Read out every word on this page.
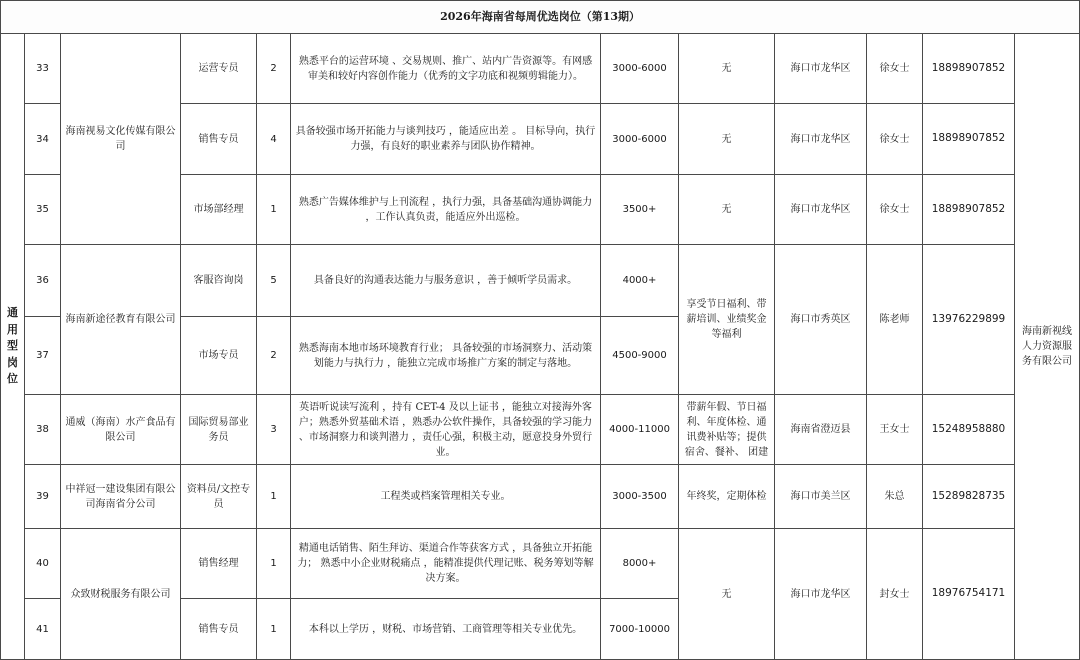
2026年海南省每周优选岗位（第13期）											
通
用
型
岗
位	33	海南视易文化传媒有限公司	运营专员	2	熟悉平台的运营环境 、交易规则、推广、站内广告资源等。有网感审美和较好内容创作能力（优秀的文字功底和视频剪辑能力）。	3000-6000	无	海口市龙华区	徐女士	18898907852	海南新视线人力资源服务有限公司
	34		销售专员	4	具备较强市场开拓能力与谈判技巧 ，能适应出差 。 目标导向，执行力强，有良好的职业素养与团队协作精神。	3000-6000	无	海口市龙华区	徐女士	18898907852	
	35		市场部经理	1	熟悉广告媒体维护与上刊流程 ，执行力强，具备基础沟通协调能力 ，工作认真负责，能适应外出巡检。	3500+	无	海口市龙华区	徐女士	18898907852	
	36	海南新途径教育有限公司	客服咨询岗	5	具备良好的沟通表达能力与服务意识 ，善于倾听学员需求。	4000+	享受节日福利、带薪培训、业绩奖金等福利	海口市秀英区	陈老师	13976229899	
	37		市场专员	2	熟悉海南本地市场环境教育行业； 具备较强的市场洞察力、活动策划能力与执行力 ，能独立完成市场推广方案的制定与落地。	4500-9000					
	38	通威（海南）水产食品有限公司	国际贸易部业务员	3	英语听说读写流利 ，持有 CET-4 及以上证书 ，能独立对接海外客户；熟悉外贸基础术语 ，熟悉办公软件操作，具备较强的学习能力 、市场洞察力和谈判潜力 ，责任心强，积极主动，愿意投身外贸行业。	4000-11000	带薪年假、节日福利、年度体检、通讯费补贴等；提供宿舍、餐补、 团建	海南省澄迈县	王女士	15248958880	
	39	中祥冠一建设集团有限公司海南省分公司	资料员/文控专员	1	工程类或档案管理相关专业。	3000-3500	年终奖，定期体检	海口市美兰区	朱总	15289828735	
	40	众致财税服务有限公司	销售经理	1	精通电话销售、陌生拜访、渠道合作等获客方式 ，具备独立开拓能力； 熟悉中小企业财税痛点 ，能精准提供代理记账、税务筹划等解决方案。	8000+	无	海口市龙华区	封女士	18976754171	
	41		销售专员	1	本科以上学历 ，财税、市场营销、工商管理等相关专业优先。	7000-10000					
